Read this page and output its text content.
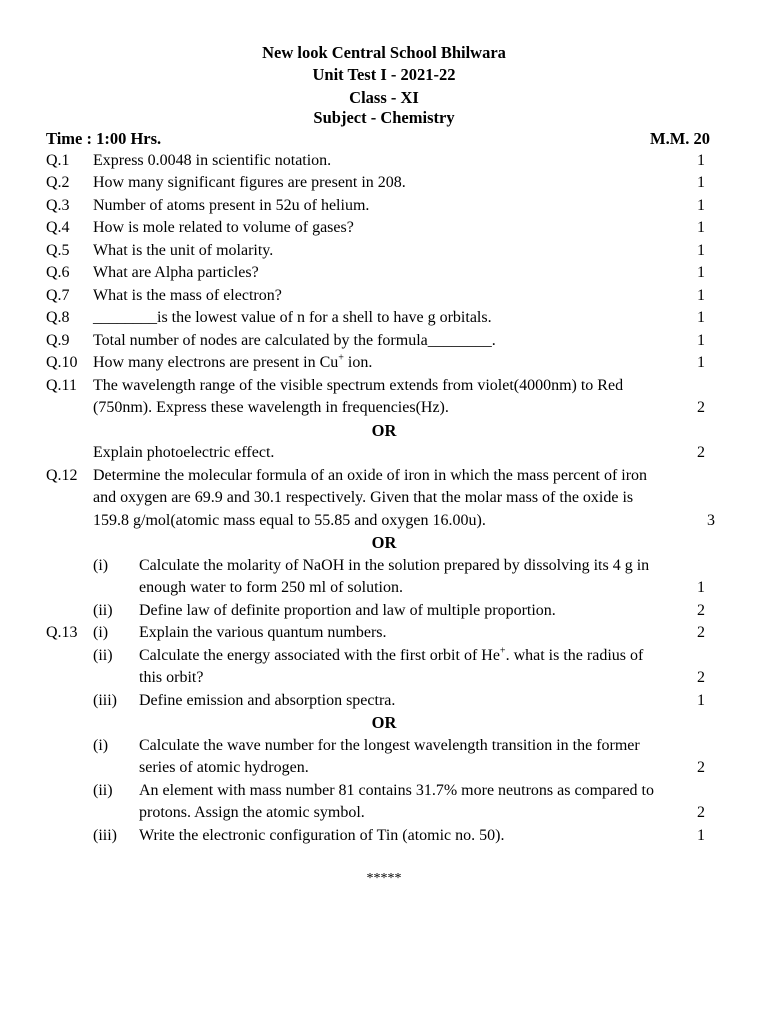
New look Central School Bhilwara
Unit Test I - 2021-22
Class - XI
Subject - Chemistry
Time : 1:00 Hrs.	M.M. 20
Q.1 Express 0.0048 in scientific notation.	1
Q.2 How many significant figures are present in 208.	1
Q.3 Number of atoms present in 52u of helium.	1
Q.4 How is mole related to volume of gases?	1
Q.5 What is the unit of molarity.	1
Q.6 What are Alpha particles?	1
Q.7 What is the mass of electron?	1
Q.8 ________is the lowest value of n for a shell to have g orbitals.	1
Q.9 Total number of nodes are calculated by the formula________.	1
Q.10 How many electrons are present in Cu+ ion.	1
Q.11 The wavelength range of the visible spectrum extends from violet(4000nm) to Red
(750nm). Express these wavelength in frequencies(Hz).	2
OR
Explain photoelectric effect.	2
Q.12 Determine the molecular formula of an oxide of iron in which the mass percent of iron
and oxygen are 69.9 and 30.1 respectively. Given that the molar mass of the oxide is
159.8 g/mol(atomic mass equal to 55.85 and oxygen 16.00u).	3
OR
(i) Calculate the molarity of NaOH in the solution prepared by dissolving its 4 g in
enough water to form 250 ml of solution.	1
(ii) Define law of definite proportion and law of multiple proportion.	2
Q.13 (i) Explain the various quantum numbers.	2
(ii) Calculate the energy associated with the first orbit of He+. what is the radius of
this orbit?	2
(iii) Define emission and absorption spectra.	1
OR
(i) Calculate the wave number for the longest wavelength transition in the former
series of atomic hydrogen.	2
(ii) An element with mass number 81 contains 31.7% more neutrons as compared to
protons. Assign the atomic symbol.	2
(iii) Write the electronic configuration of Tin (atomic no. 50).	1
*****
